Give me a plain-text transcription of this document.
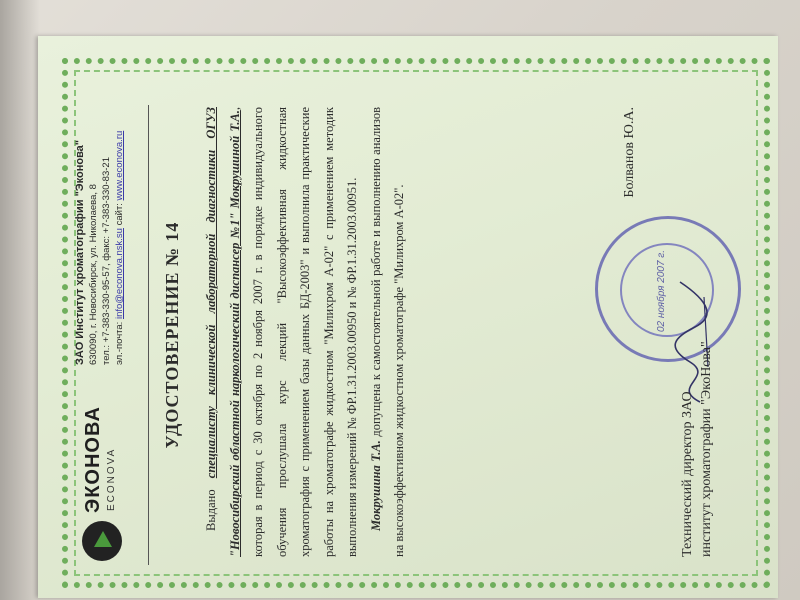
ЭКОНОВА ECONOVA
ЗАО Институт хроматографии "Эконова" 630090, г. Новосибирск, ул. Николаева, 8 тел.: +7-383-330-95-57, факс: +7-383-330-83-21 эл.-почта: info@econova.nsk.su сайт: www.econova.ru
УДОСТОВЕРЕНИЕ № 14

Выдано специалисту клинической лабораторной диагностики ОГУЗ "Новосибирский областной наркологический диспансер №1" Мокрушиной Т.А., которая в период с 30 октября по 2 ноября 2007 г. в порядке индивидуального обучения прослушала курс лекций "Высокоэффективная жидкостная хроматография с применением базы данных БД-2003" и выполнила практические работы на хроматографе жидкостном "Милихром А-02" с применением методик выполнения измерений № ФР.1.31.2003.00950 и № ФР.1.31.2003.00951. Мокрушина Т.А. допущена к самостоятельной работе и выполнению анализов на высокоэффективном жидкостном хроматографе "Милихром А-02".	02 ноября 2007 г.
Болванов Ю.А.
Технический директор ЗАО институт хроматографии "ЭкоНова"
